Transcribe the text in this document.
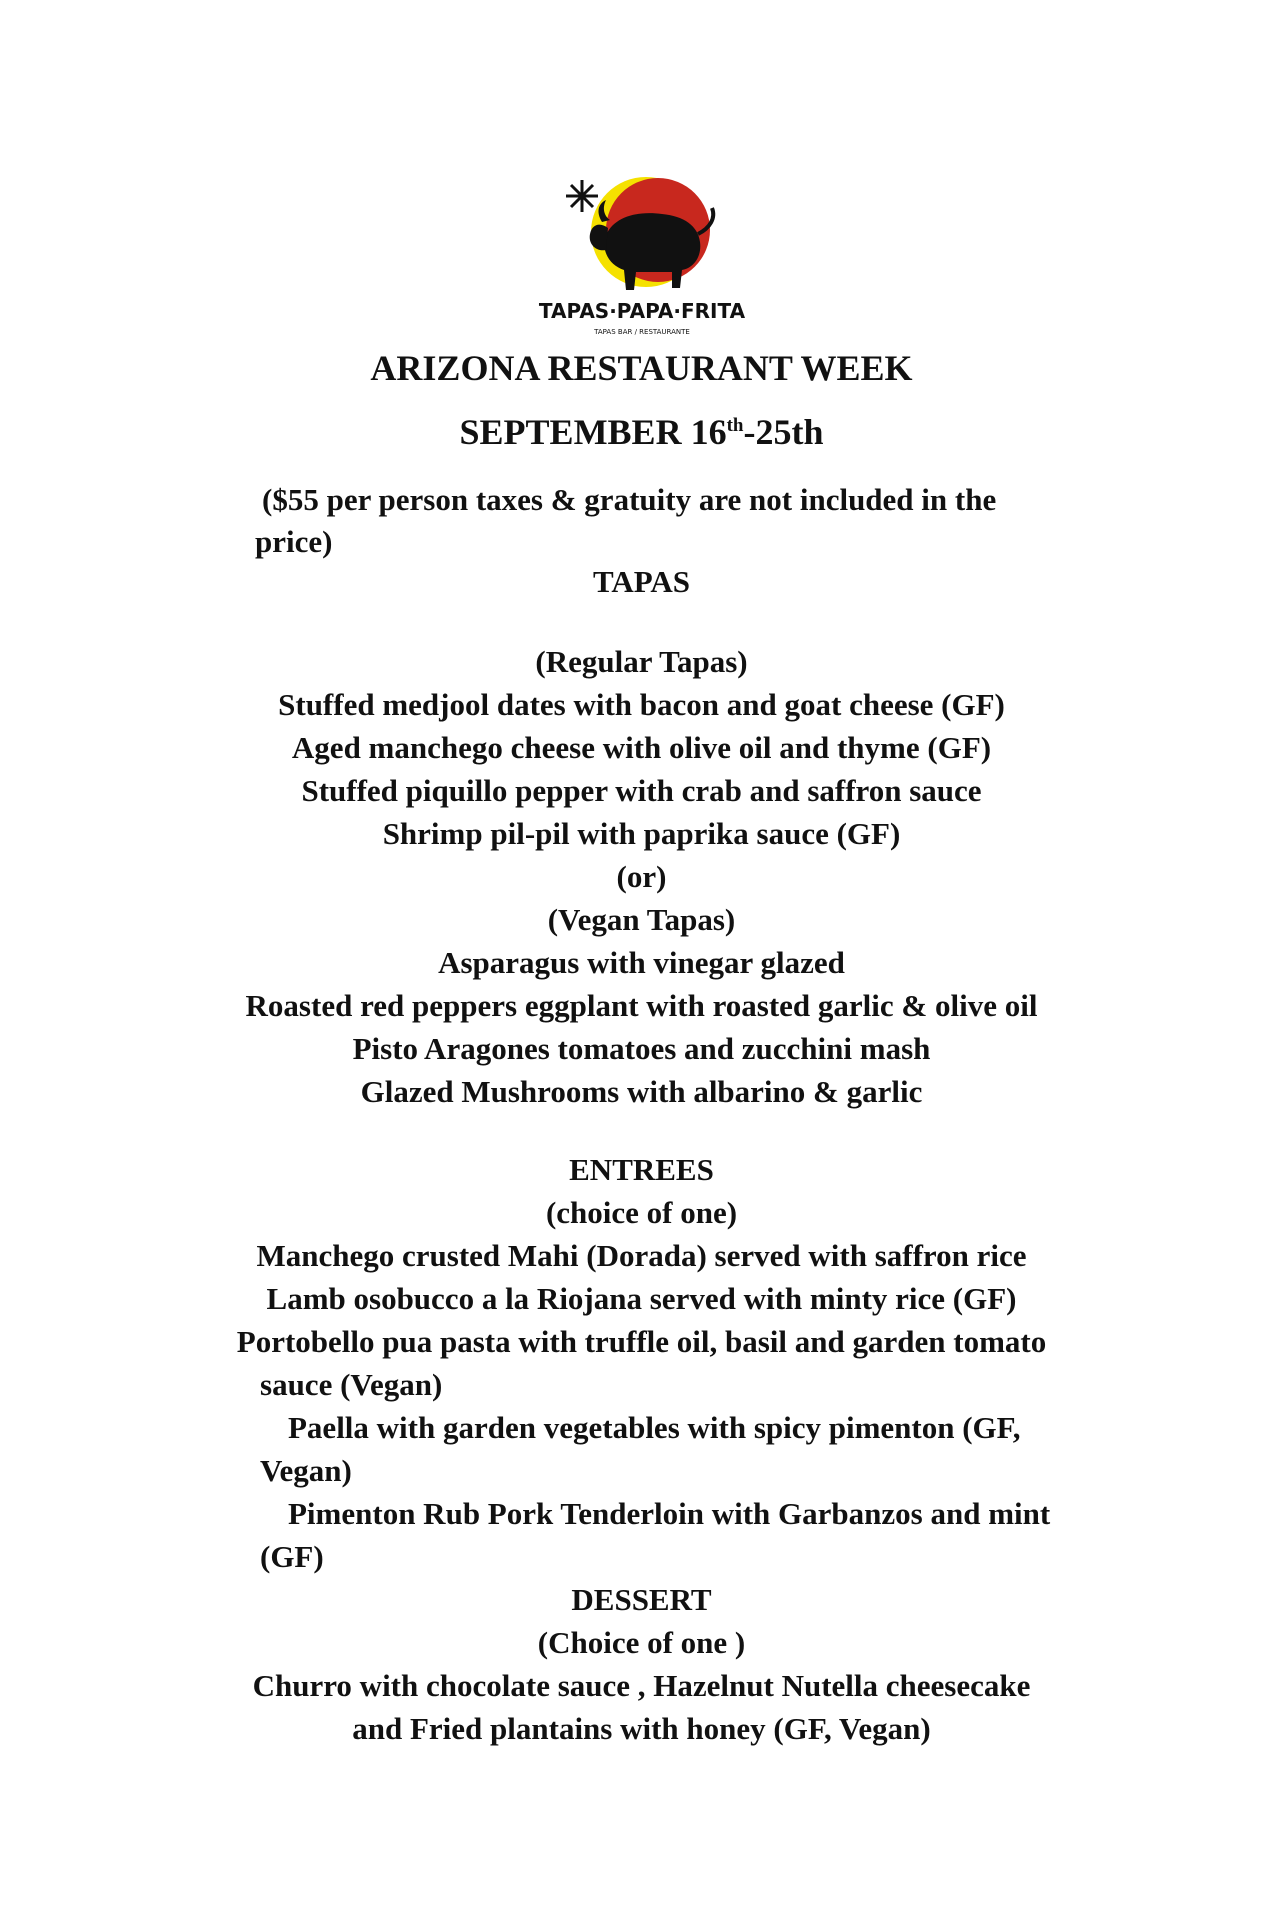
TAPAS·PAPA·FRITA
TAPAS BAR / RESTAURANTE
ARIZONA RESTAURANT WEEK
SEPTEMBER 16th-25th
($55 per person taxes & gratuity are not included in the
price)
TAPAS
(Regular Tapas)
Stuffed medjool dates with bacon and goat cheese (GF)
Aged manchego cheese with olive oil and thyme (GF)
Stuffed piquillo pepper with crab and saffron sauce
Shrimp pil-pil with paprika sauce (GF)
(or)
(Vegan Tapas)
Asparagus with vinegar glazed
Roasted red peppers eggplant with roasted garlic & olive oil
Pisto Aragones tomatoes and zucchini mash
Glazed Mushrooms with albarino & garlic
ENTREES
(choice of one)
Manchego crusted Mahi (Dorada) served with saffron rice
Lamb osobucco a la Riojana served with minty rice (GF)
Portobello pua pasta with truffle oil, basil and garden tomato
sauce (Vegan)
Paella with garden vegetables with spicy pimenton (GF,
Vegan)
Pimenton Rub Pork Tenderloin with Garbanzos and mint
(GF)
DESSERT
(Choice of one )
Churro with chocolate sauce , Hazelnut Nutella cheesecake
and Fried plantains with honey (GF, Vegan)
